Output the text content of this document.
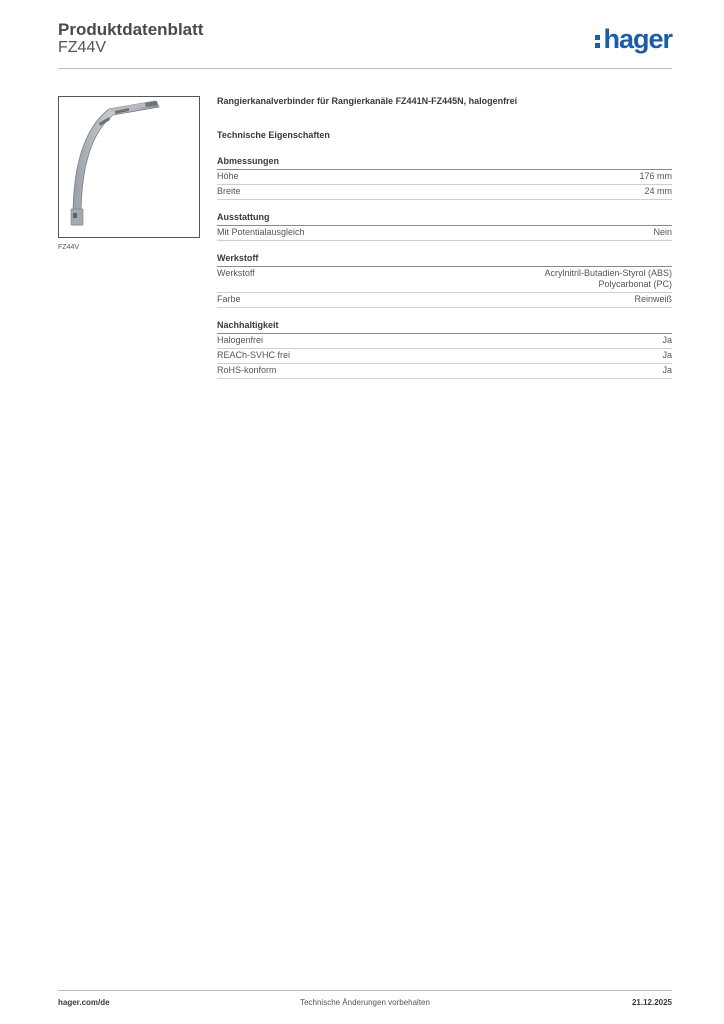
Produktdatenblatt
FZ44V	hager
FZ44V
Rangierkanalverbinder für Rangierkanäle FZ441N-FZ445N, halogenfrei
Technische Eigenschaften
Abmessungen
Höhe	176 mm
Breite	24 mm
Ausstattung
Mit Potentialausgleich	Nein
Werkstoff
Werkstoff	Acrylnitril-Butadien-Styrol (ABS)
Polycarbonat (PC)
Farbe	Reinweiß
Nachhaltigkeit
Halogenfrei	Ja
REACh-SVHC frei	Ja
RoHS-konform	Ja
hager.com/de	Technische Änderungen vorbehalten	21.12.2025
